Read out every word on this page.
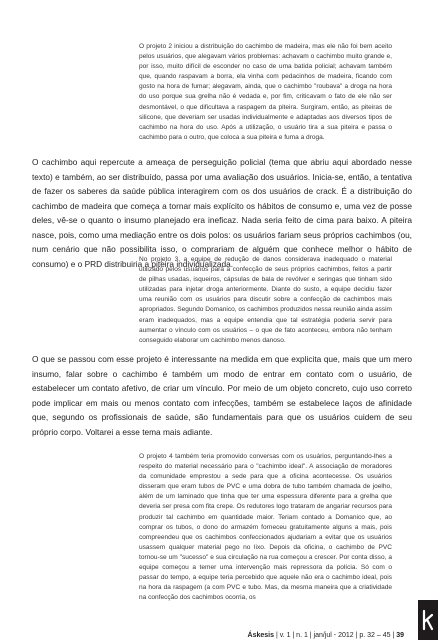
O projeto 2 iniciou a distribuição do cachimbo de madeira, mas ele não foi bem aceito pelos usuários, que alegavam vários problemas: achavam o cachimbo muito grande e, por isso, muito difícil de esconder no caso de uma batida policial; achavam também que, quando raspavam a borra, ela vinha com pedacinhos de madeira, ficando com gosto na hora de fumar; alegavam, ainda, que o cachimbo "roubava" a droga na hora do uso porque sua grelha não é vedada e, por fim, criticavam o fato de ele não ser desmontável, o que dificultava a raspagem da piteira. Surgiram, então, as piteiras de silicone, que deveriam ser usadas individualmente e adaptadas aos diversos tipos de cachimbo na hora do uso. Após a utilização, o usuário tira a sua piteira e passa o cachimbo para o outro, que coloca a sua piteira e fuma a droga.
O cachimbo aqui repercute a ameaça de perseguição policial (tema que abriu aqui abordado nesse texto) e também, ao ser distribuído, passa por uma avaliação dos usuários. Inicia-se, então, a tentativa de fazer os saberes da saúde pública interagirem com os dos usuários de crack. É a distribuição do cachimbo de madeira que começa a tornar mais explícito os hábitos de consumo e, uma vez de posse deles, vê-se o quanto o insumo planejado era ineficaz. Nada seria feito de cima para baixo. A piteira nasce, pois, como uma mediação entre os dois polos: os usuários fariam seus próprios cachimbos (ou, num cenário que não possibilita isso, o comprariam de alguém que conhece melhor o hábito de consumo) e o PRD distribuiria a piteira individualizada.
No projeto 3, a equipe de redução de danos considerava inadequado o material utilizado pelos usuários para a confecção de seus próprios cachimbos, feitos a partir de pilhas usadas, isqueiros, cápsulas de bala de revólver e seringas que tinham sido utilizadas para injetar droga anteriormente. Diante do susto, a equipe decidiu fazer uma reunião com os usuários para discutir sobre a confecção de cachimbos mais apropriados. Segundo Domanico, os cachimbos produzidos nessa reunião ainda assim eram inadequados, mas a equipe entendia que tal estratégia poderia servir para aumentar o vínculo com os usuários – o que de fato aconteceu, embora não tenham conseguido elaborar um cachimbo menos danoso.
O que se passou com esse projeto é interessante na medida em que explicita que, mais que um mero insumo, falar sobre o cachimbo é também um modo de entrar em contato com o usuário, de estabelecer um contato afetivo, de criar um vínculo. Por meio de um objeto concreto, cujo uso correto pode implicar em mais ou menos contato com infecções, também se estabelece laços de afinidade que, segundo os profissionais de saúde, são fundamentais para que os usuários cuidem de seu próprio corpo. Voltarei a esse tema mais adiante.
O projeto 4 também teria promovido conversas com os usuários, perguntando-lhes a respeito do material necessário para o "cachimbo ideal". A associação de moradores da comunidade emprestou a sede para que a oficina acontecesse. Os usuários disseram que eram tubos de PVC e uma dobra de tubo também chamada de joelho, além de um laminado que tinha que ter uma espessura diferente para a grelha que deveria ser presa com fita crepe. Os redutores logo trataram de angariar recursos para produzir tal cachimbo em quantidade maior. Teriam contado a Domanico que, ao comprar os tubos, o dono do armazém forneceu gratuitamente alguns a mais, pois compreendeu que os cachimbos confeccionados ajudariam a evitar que os usuários usassem qualquer material pego no lixo. Depois da oficina, o cachimbo de PVC tornou-se um "sucesso" e sua circulação na rua começou a crescer. Por conta disso, a equipe começou a temer uma intervenção mais repressora da polícia. Só com o passar do tempo, a equipe teria percebido que aquele não era o cachimbo ideal, pois na hora da raspagem (a com PVC e tubo. Mas, da mesma maneira que a criatividade na confecção dos cachimbos ocorria, os
Áskesis | v. 1 | n. 1 | jan/jul - 2012 | p. 32 – 45 | 39
